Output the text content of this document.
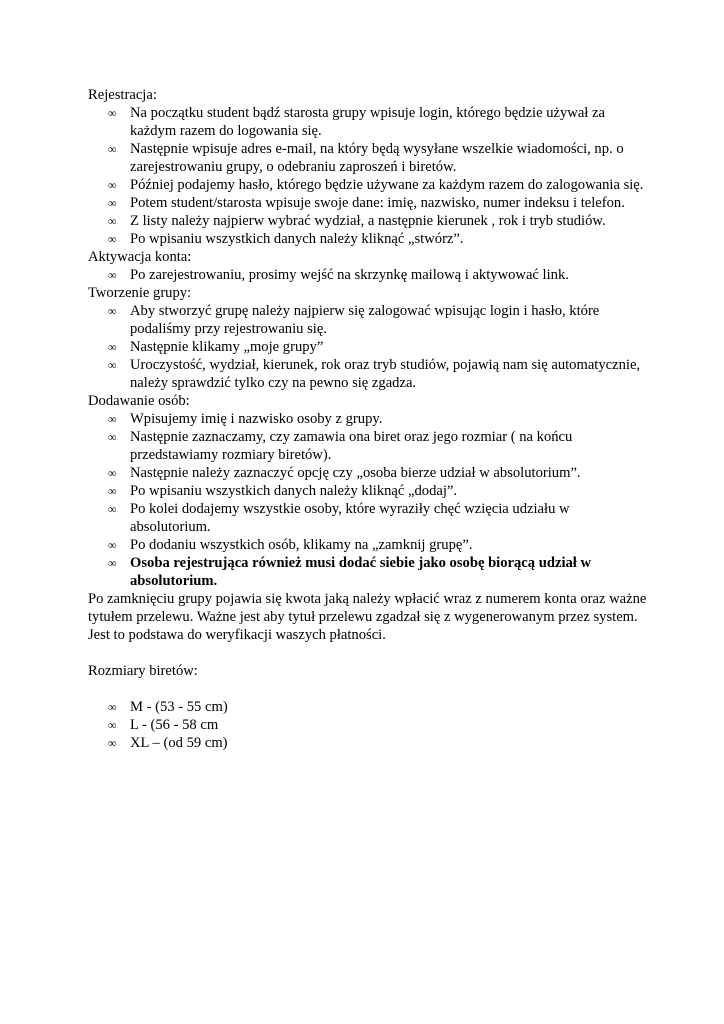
Rejestracja:

∞ Na początku student bądź starosta grupy wpisuje login, którego będzie używał za każdym razem do logowania się.
∞ Następnie wpisuje adres e-mail, na który będą wysyłane wszelkie wiadomości, np. o zarejestrowaniu grupy, o odebraniu zaproszeń i biretów.
∞ Później podajemy hasło, którego będzie używane za każdym razem do zalogowania się.
∞ Potem student/starosta wpisuje swoje dane: imię, nazwisko, numer indeksu i telefon.
∞ Z listy należy najpierw wybrać wydział, a następnie kierunek , rok i tryb studiów.
∞ Po wpisaniu wszystkich danych należy kliknąć „stwórz”.

Aktywacja konta:

∞ Po zarejestrowaniu, prosimy wejść na skrzynkę mailową i aktywować link.

Tworzenie grupy:

∞ Aby stworzyć grupę należy najpierw się zalogować wpisując login i hasło, które podaliśmy przy rejestrowaniu się.
∞ Następnie klikamy „moje grupy”
∞ Uroczystość, wydział, kierunek, rok oraz tryb studiów, pojawią nam się automatycznie, należy sprawdzić tylko czy na pewno się zgadza.

Dodawanie osób:

∞ Wpisujemy imię i nazwisko osoby z grupy.
∞ Następnie zaznaczamy, czy zamawia ona biret oraz jego rozmiar ( na końcu przedstawiamy rozmiary biretów).
∞ Następnie należy zaznaczyć opcję czy „osoba bierze udział w absolutorium”.
∞ Po wpisaniu wszystkich danych należy kliknąć „dodaj”.
∞ Po kolei dodajemy wszystkie osoby, które wyraziły chęć wzięcia udziału w absolutorium.
∞ Po dodaniu wszystkich osób, klikamy na „zamknij grupę”.
∞ Osoba rejestrująca również musi dodać siebie jako osobę biorącą udział w absolutorium.

Po zamknięciu grupy pojawia się kwota jaką należy wpłacić wraz z numerem konta oraz ważne tytułem przelewu. Ważne jest aby tytuł przelewu zgadzał się z wygenerowanym przez system. Jest to podstawa do weryfikacji waszych płatności.

Rozmiary biretów:

∞ M - (53 - 55 cm)
∞ L - (56 - 58 cm
∞ XL – (od 59 cm)
